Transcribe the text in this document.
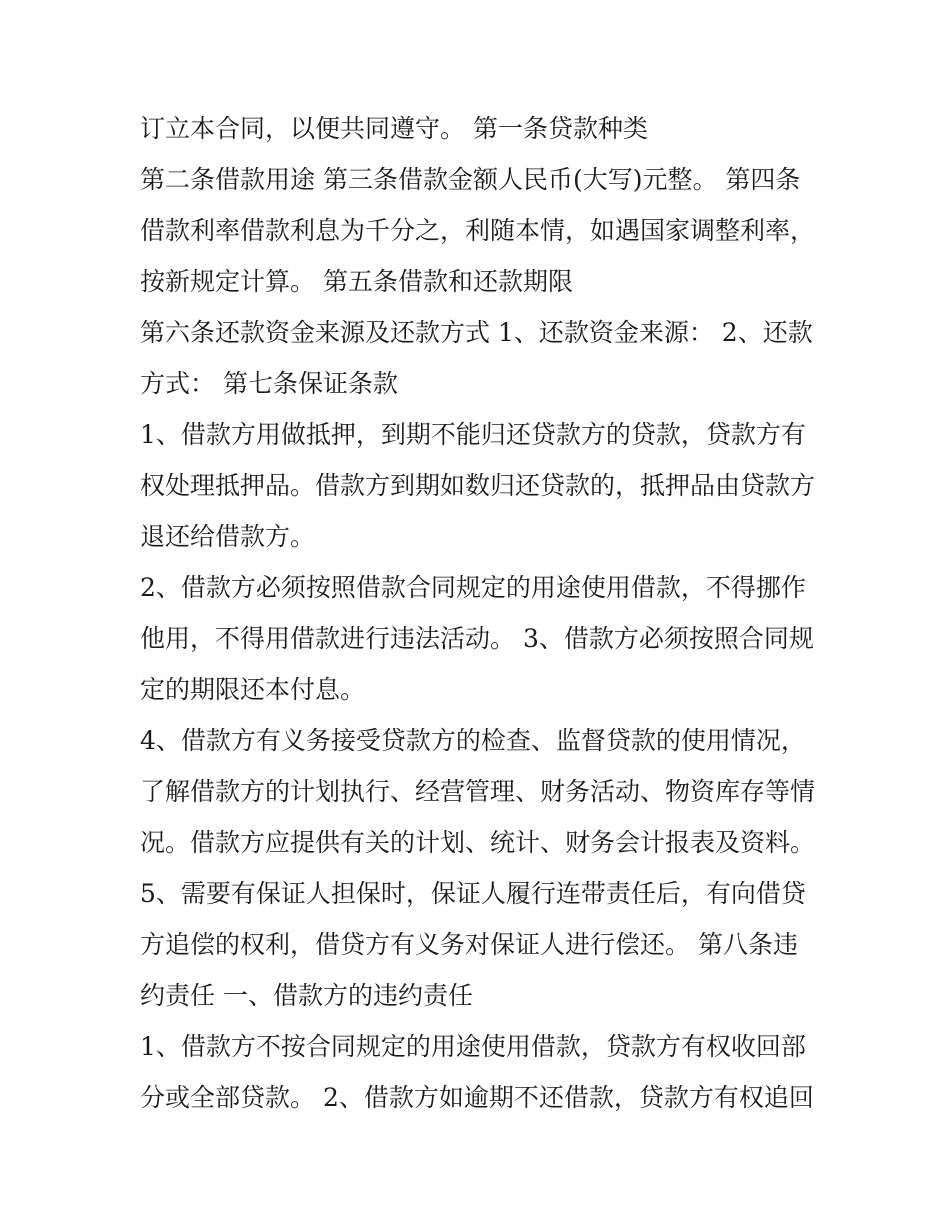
订立本合同，以便共同遵守。 第一条贷款种类
第二条借款用途 第三条借款金额人民币(大写)元整。 第四条
借款利率借款利息为千分之，利随本情，如遇国家调整利率，
按新规定计算。 第五条借款和还款期限
第六条还款资金来源及还款方式 1、还款资金来源： 2、还款
方式： 第七条保证条款
1、借款方用做抵押，到期不能归还贷款方的贷款，贷款方有
权处理抵押品。借款方到期如数归还贷款的，抵押品由贷款方
退还给借款方。
2、借款方必须按照借款合同规定的用途使用借款，不得挪作
他用，不得用借款进行违法活动。 3、借款方必须按照合同规
定的期限还本付息。
4、借款方有义务接受贷款方的检查、监督贷款的使用情况，
了解借款方的计划执行、经营管理、财务活动、物资库存等情
况。借款方应提供有关的计划、统计、财务会计报表及资料。
5、需要有保证人担保时，保证人履行连带责任后，有向借贷
方追偿的权利，借贷方有义务对保证人进行偿还。 第八条违
约责任 一、借款方的违约责任
1、借款方不按合同规定的用途使用借款，贷款方有权收回部
分或全部贷款。 2、借款方如逾期不还借款，贷款方有权追回
